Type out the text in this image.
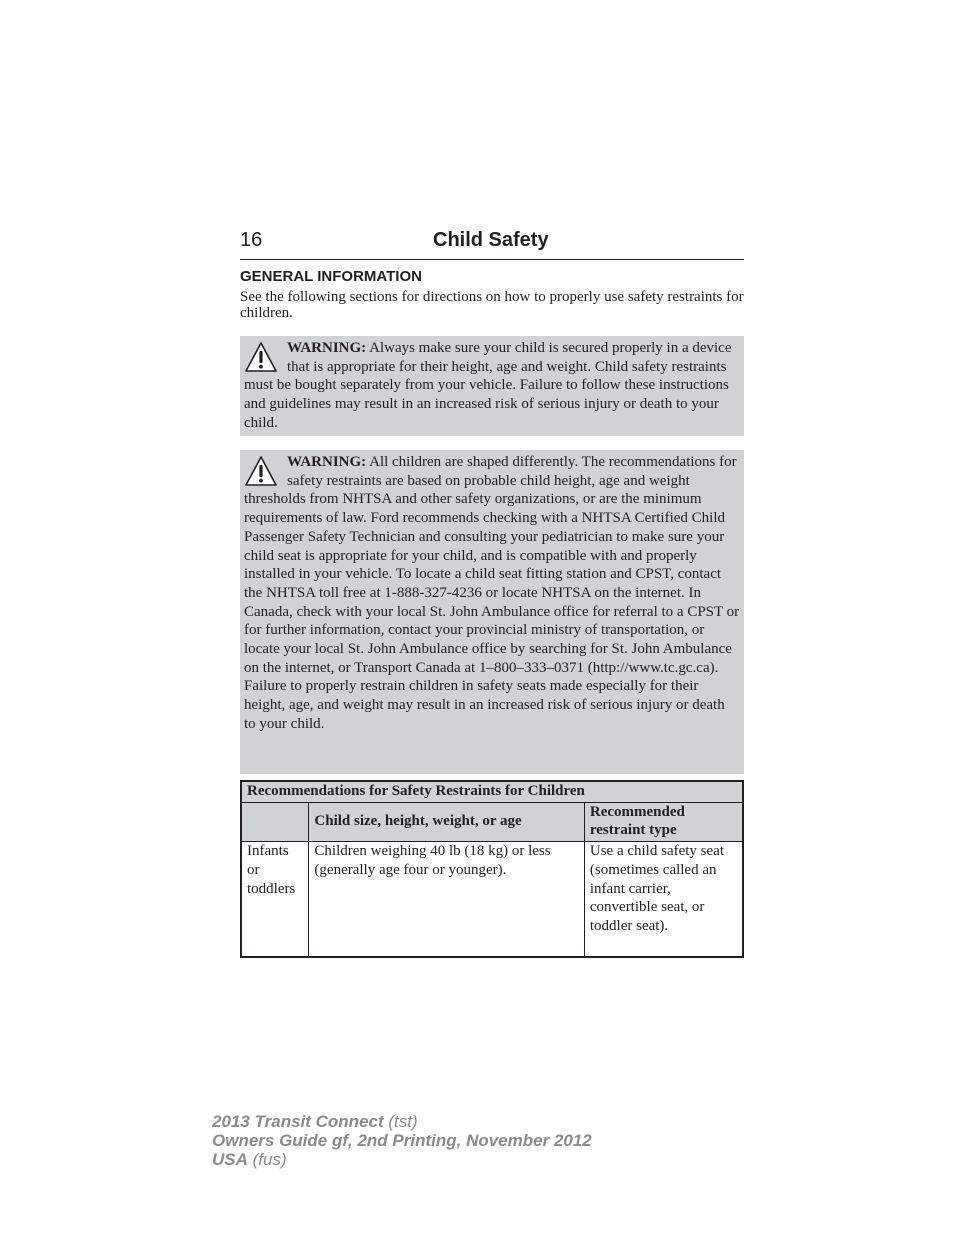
16	Child Safety
GENERAL INFORMATION
See the following sections for directions on how to properly use safety restraints for children.
WARNING: Always make sure your child is secured properly in a device that is appropriate for their height, age and weight. Child safety restraints must be bought separately from your vehicle. Failure to follow these instructions and guidelines may result in an increased risk of serious injury or death to your child.
WARNING: All children are shaped differently. The recommendations for safety restraints are based on probable child height, age and weight thresholds from NHTSA and other safety organizations, or are the minimum requirements of law. Ford recommends checking with a NHTSA Certified Child Passenger Safety Technician and consulting your pediatrician to make sure your child seat is appropriate for your child, and is compatible with and properly installed in your vehicle. To locate a child seat fitting station and CPST, contact the NHTSA toll free at 1-888-327-4236 or locate NHTSA on the internet. In Canada, check with your local St. John Ambulance office for referral to a CPST or for further information, contact your provincial ministry of transportation, or locate your local St. John Ambulance office by searching for St. John Ambulance on the internet, or Transport Canada at 1–800–333–0371 (http://www.tc.gc.ca). Failure to properly restrain children in safety seats made especially for their height, age, and weight may result in an increased risk of serious injury or death to your child.
Recommendations for Safety Restraints for Children		
	Child size, height, weight, or age	Recommended restraint type
Infants or toddlers	Children weighing 40 lb (18 kg) or less (generally age four or younger).	Use a child safety seat (sometimes called an infant carrier, convertible seat, or toddler seat).
2013 Transit Connect (tst)
Owners Guide gf, 2nd Printing, November 2012
USA (fus)
